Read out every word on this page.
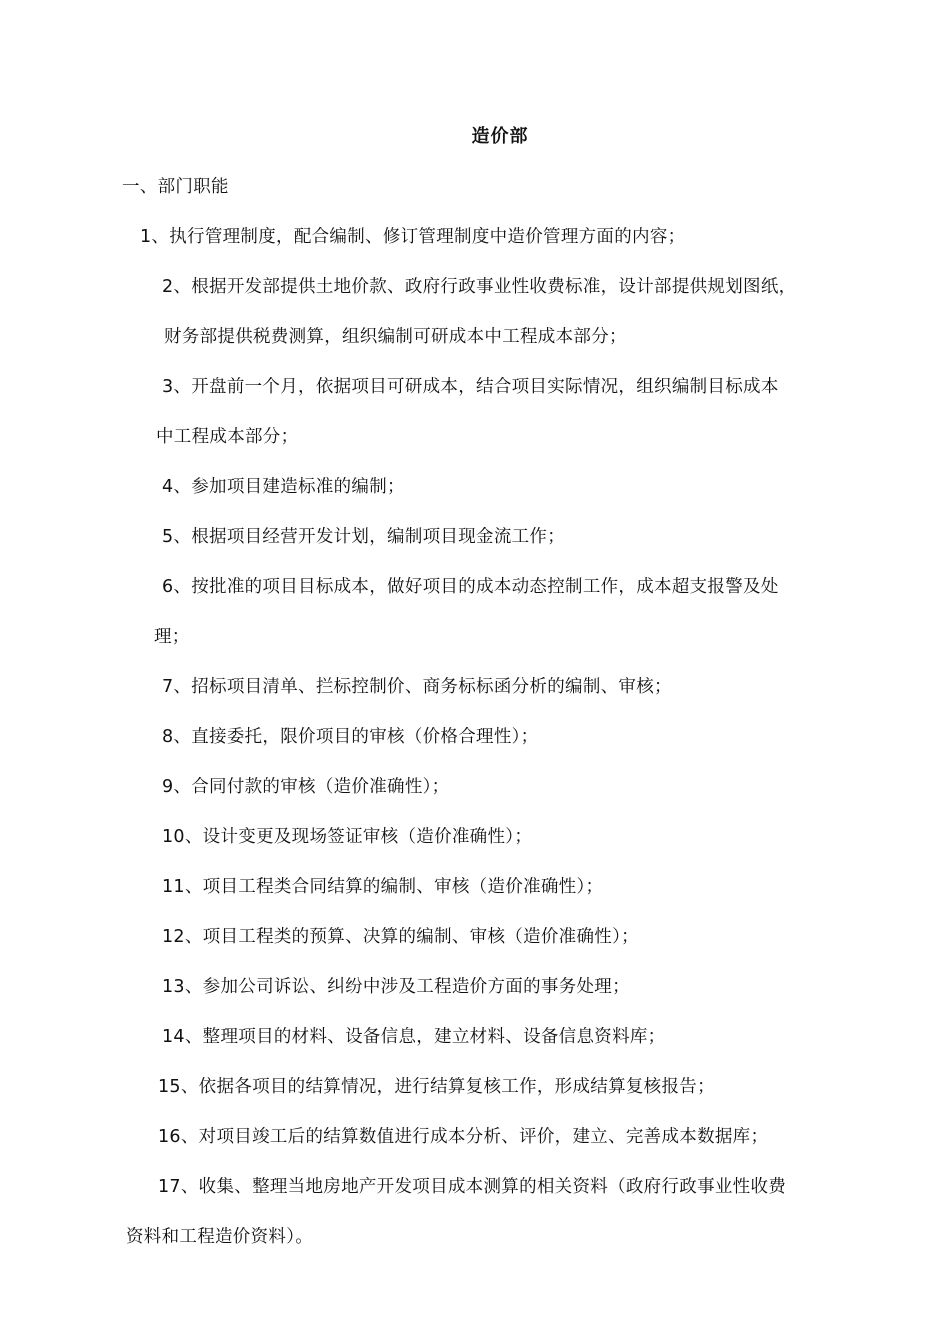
造价部
一、部门职能
1、执行管理制度，配合编制、修订管理制度中造价管理方面的内容；
2、根据开发部提供土地价款、政府行政事业性收费标准，设计部提供规划图纸，
财务部提供税费测算，组织编制可研成本中工程成本部分；
3、开盘前一个月，依据项目可研成本，结合项目实际情况，组织编制目标成本
中工程成本部分；
4、参加项目建造标准的编制；
5、根据项目经营开发计划，编制项目现金流工作；
6、按批准的项目目标成本，做好项目的成本动态控制工作，成本超支报警及处
理；
7、招标项目清单、拦标控制价、商务标标函分析的编制、审核；
8、直接委托，限价项目的审核（价格合理性）；
9、合同付款的审核（造价准确性）；
10、设计变更及现场签证审核（造价准确性）；
11、项目工程类合同结算的编制、审核（造价准确性）；
12、项目工程类的预算、决算的编制、审核（造价准确性）；
13、参加公司诉讼、纠纷中涉及工程造价方面的事务处理；
14、整理项目的材料、设备信息，建立材料、设备信息资料库；
15、依据各项目的结算情况，进行结算复核工作，形成结算复核报告；
16、对项目竣工后的结算数值进行成本分析、评价，建立、完善成本数据库；
17、收集、整理当地房地产开发项目成本测算的相关资料（政府行政事业性收费
资料和工程造价资料）。
